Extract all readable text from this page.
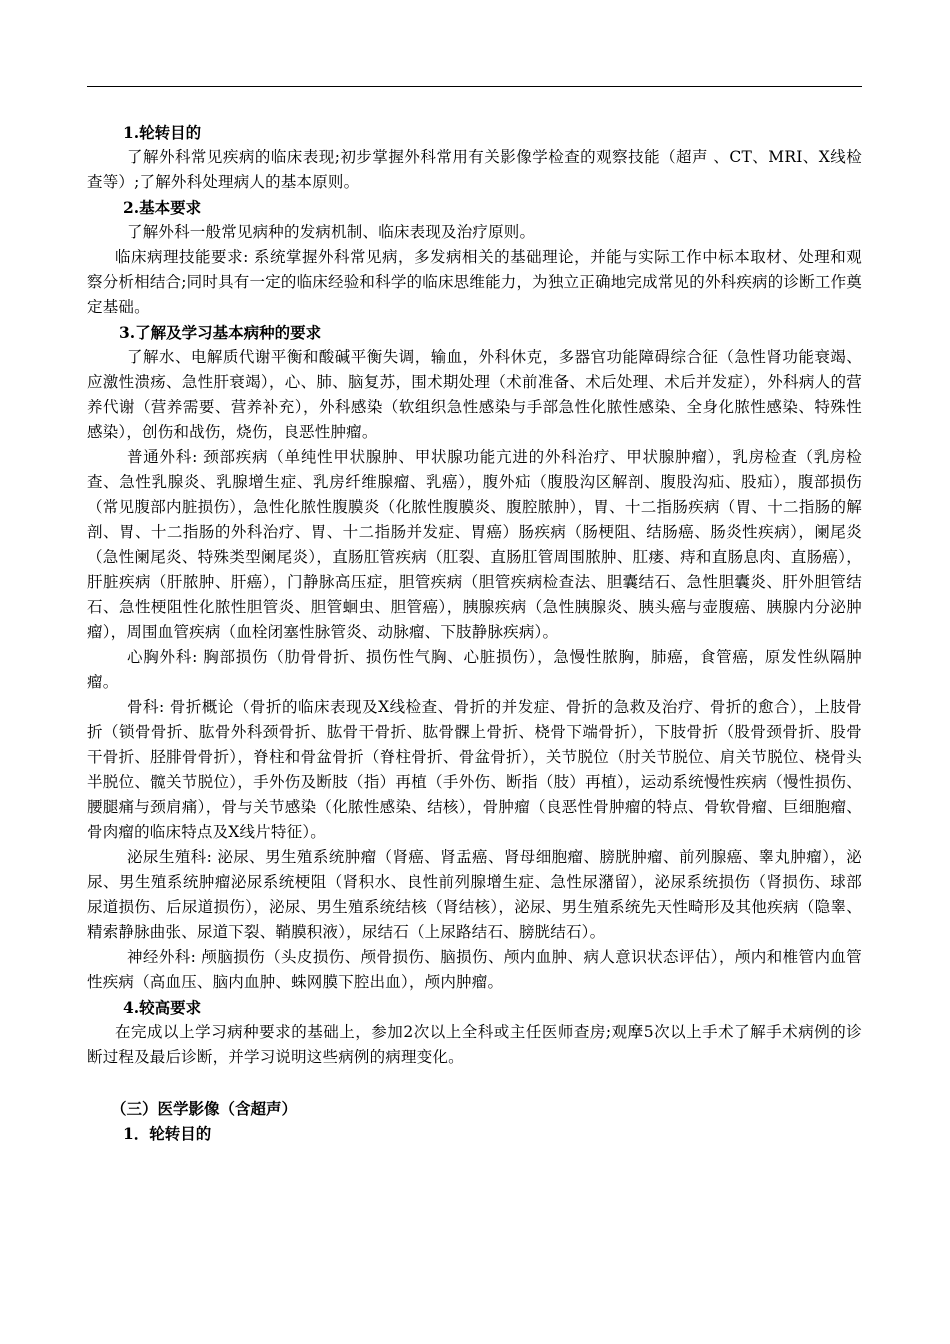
1.轮转目的

了解外科常见疾病的临床表现;初步掌握外科常用有关影像学检查的观察技能（超声 、CT、MRI、X线检查等）;了解外科处理病人的基本原则。

2.基本要求

了解外科一般常见病种的发病机制、临床表现及治疗原则。

临床病理技能要求: 系统掌握外科常见病，多发病相关的基础理论，并能与实际工作中标本取材、处理和观察分析相结合;同时具有一定的临床经验和科学的临床思维能力，为独立正确地完成常见的外科疾病的诊断工作奠定基础。

3.了解及学习基本病种的要求

了解水、电解质代谢平衡和酸碱平衡失调，输血，外科休克，多器官功能障碍综合征（急性肾功能衰竭、应激性溃疡、急性肝衰竭），心、肺、脑复苏，围术期处理（术前准备、术后处理、术后并发症），外科病人的营养代谢（营养需要、营养补充），外科感染（软组织急性感染与手部急性化脓性感染、全身化脓性感染、特殊性感染），创伤和战伤，烧伤，良恶性肿瘤。

普通外科: 颈部疾病（单纯性甲状腺肿、甲状腺功能亢进的外科治疗、甲状腺肿瘤），乳房检查（乳房检查、急性乳腺炎、乳腺增生症、乳房纤维腺瘤、乳癌），腹外疝（腹股沟区解剖、腹股沟疝、股疝），腹部损伤（常见腹部内脏损伤），急性化脓性腹膜炎（化脓性腹膜炎、腹腔脓肿），胃、十二指肠疾病（胃、十二指肠的解剖、胃、十二指肠的外科治疗、胃、十二指肠并发症、胃癌）肠疾病（肠梗阻、结肠癌、肠炎性疾病），阑尾炎（急性阑尾炎、特殊类型阑尾炎），直肠肛管疾病（肛裂、直肠肛管周围脓肿、肛瘘、痔和直肠息肉、直肠癌），肝脏疾病（肝脓肿、肝癌），门静脉高压症，胆管疾病（胆管疾病检查法、胆囊结石、急性胆囊炎、肝外胆管结石、急性梗阻性化脓性胆管炎、胆管蛔虫、胆管癌），胰腺疾病（急性胰腺炎、胰头癌与壶腹癌、胰腺内分泌肿瘤），周围血管疾病（血栓闭塞性脉管炎、动脉瘤、下肢静脉疾病）。

心胸外科: 胸部损伤（肋骨骨折、损伤性气胸、心脏损伤），急慢性脓胸，肺癌，食管癌，原发性纵隔肿瘤。

骨科: 骨折概论（骨折的临床表现及X线检查、骨折的并发症、骨折的急救及治疗、骨折的愈合），上肢骨折（锁骨骨折、肱骨外科颈骨折、肱骨干骨折、肱骨髁上骨折、桡骨下端骨折），下肢骨折（股骨颈骨折、股骨干骨折、胫腓骨骨折），脊柱和骨盆骨折（脊柱骨折、骨盆骨折），关节脱位（肘关节脱位、肩关节脱位、桡骨头半脱位、髋关节脱位），手外伤及断肢（指）再植（手外伤、断指（肢）再植），运动系统慢性疾病（慢性损伤、腰腿痛与颈肩痛），骨与关节感染（化脓性感染、结核），骨肿瘤（良恶性骨肿瘤的特点、骨软骨瘤、巨细胞瘤、骨肉瘤的临床特点及X线片特征）。

泌尿生殖科: 泌尿、男生殖系统肿瘤（肾癌、肾盂癌、肾母细胞瘤、膀胱肿瘤、前列腺癌、睾丸肿瘤），泌尿、男生殖系统肿瘤泌尿系统梗阻（肾积水、良性前列腺增生症、急性尿潴留），泌尿系统损伤（肾损伤、球部尿道损伤、后尿道损伤），泌尿、男生殖系统结核（肾结核），泌尿、男生殖系统先天性畸形及其他疾病（隐睾、精索静脉曲张、尿道下裂、鞘膜积液），尿结石（上尿路结石、膀胱结石）。

神经外科: 颅脑损伤（头皮损伤、颅骨损伤、脑损伤、颅内血肿、病人意识状态评估），颅内和椎管内血管性疾病（高血压、脑内血肿、蛛网膜下腔出血），颅内肿瘤。

4.较高要求

在完成以上学习病种要求的基础上，参加2次以上全科或主任医师查房;观摩5次以上手术了解手术病例的诊断过程及最后诊断，并学习说明这些病例的病理变化。

（三）医学影像（含超声）
1．轮转目的
